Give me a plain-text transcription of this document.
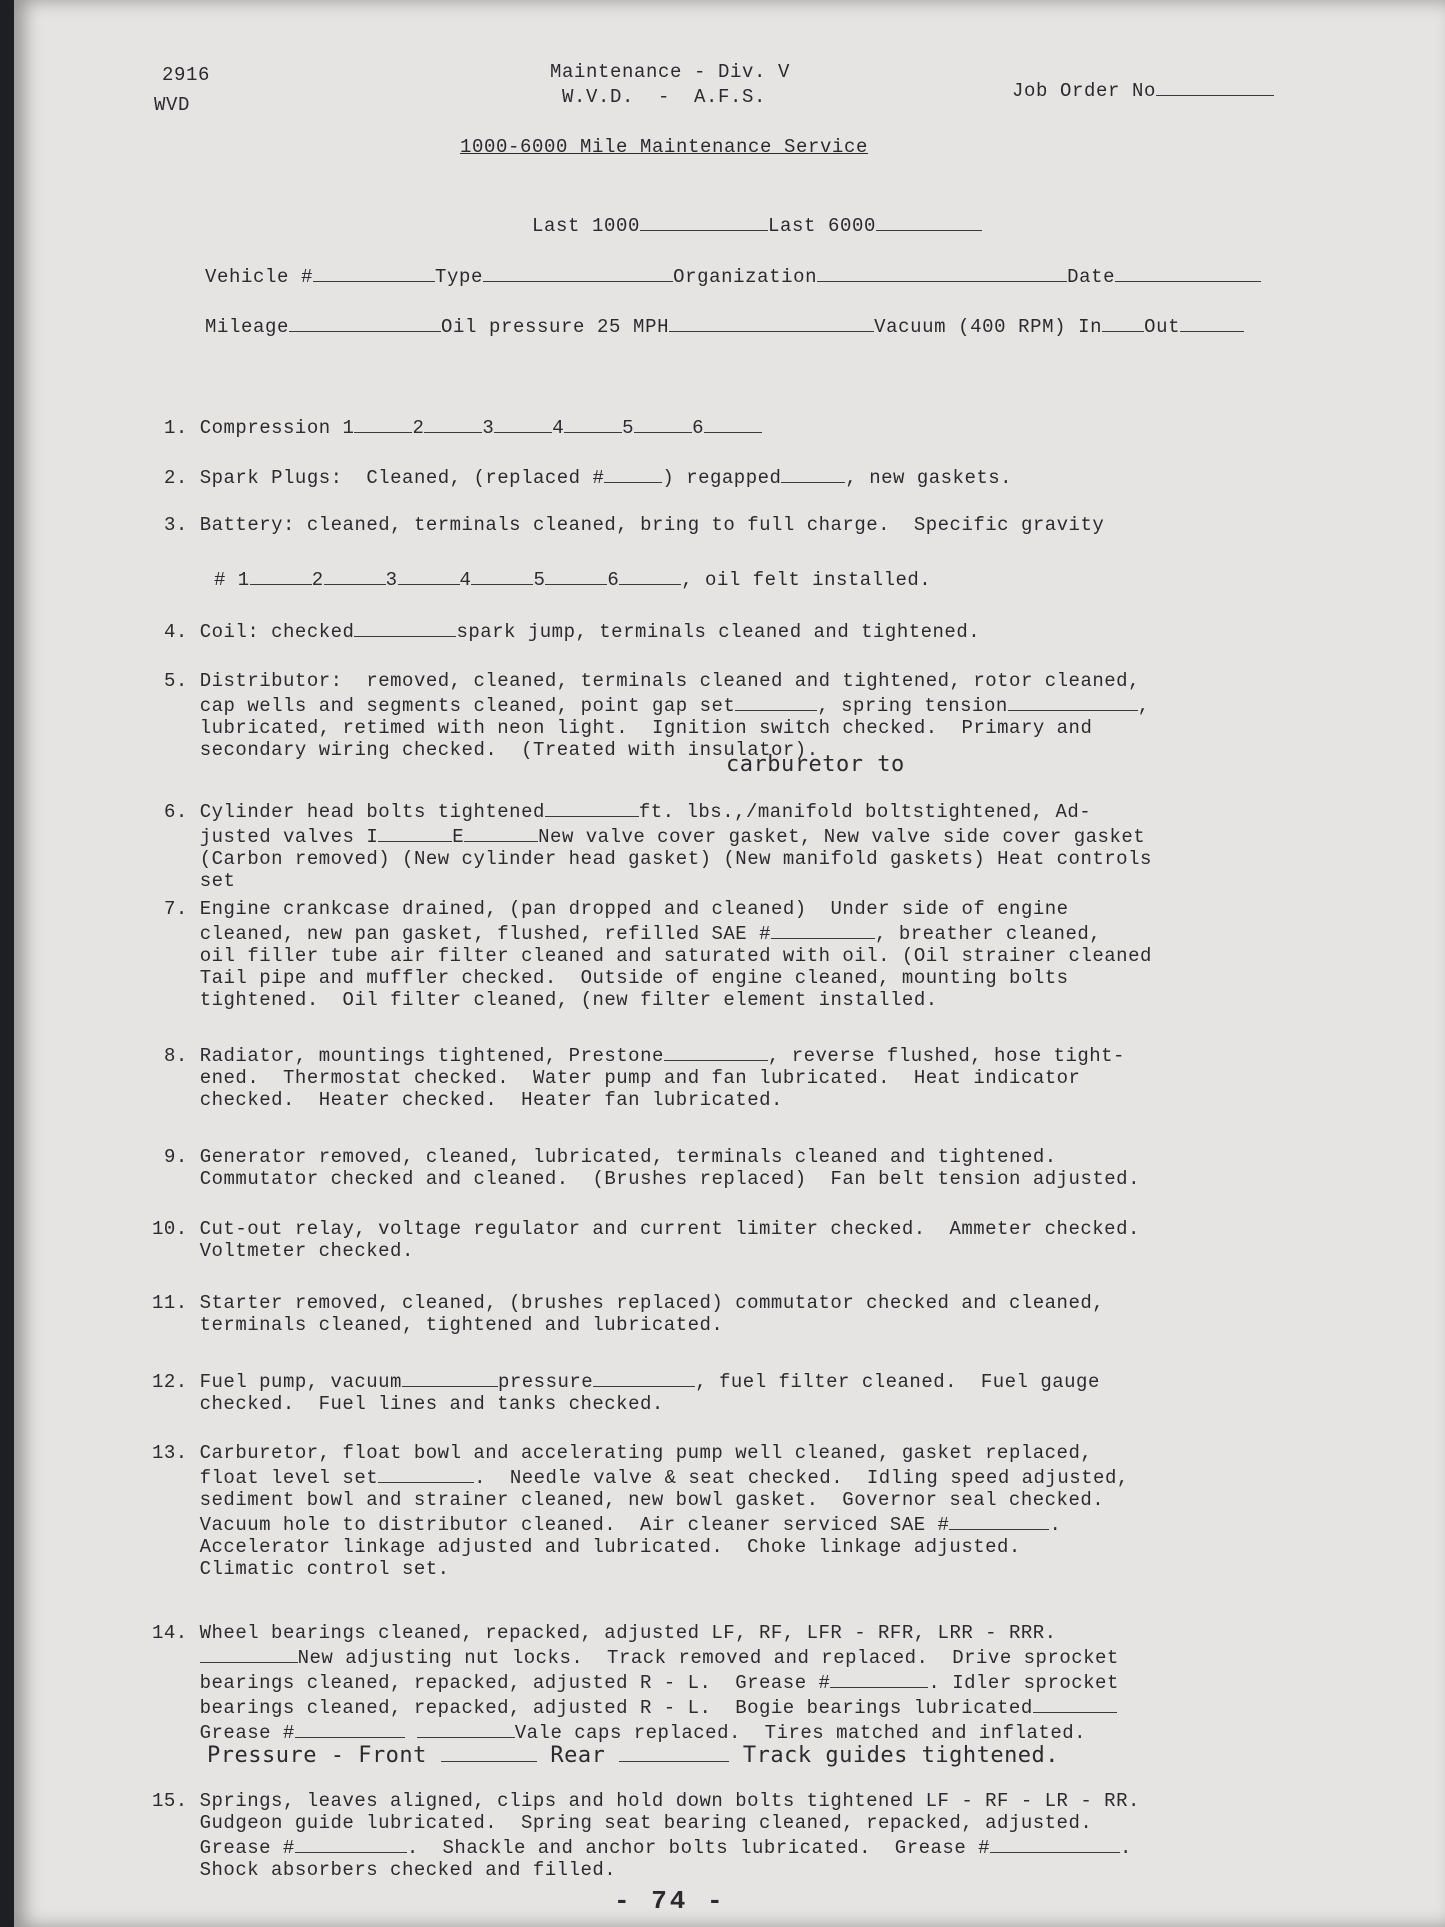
2916
WVD
Maintenance - Div. V
W.V.D.  -  A.F.S.	Job Order No

1000-6000 Mile Maintenance Service

Last 1000	Last 6000

Vehicle #	Type	Organization	Date

Mileage	Oil pressure 25 MPH	Vacuum (400 RPM) In Out

1. Compression 1	2	3	4	5	6

2. Spark Plugs:  Cleaned, (replaced #	) regapped	, new gaskets.

3. Battery: cleaned, terminals cleaned, bring to full charge.  Specific gravity

# 1	2	3	4	5	6	, oil felt installed.

4. Coil: checked	spark jump, terminals cleaned and tightened.

5. Distributor:  removed, cleaned, terminals cleaned and tightened, rotor cleaned,
cap wells and segments cleaned, point gap set	, spring tension	,
lubricated, retimed with neon light.  Ignition switch checked.  Primary and
secondary wiring checked.  (Treated with insulator).
carburetor to

6. Cylinder head bolts tightened	ft. lbs.,/manifold boltstightened, Ad-
justed valves I	E	New valve cover gasket, New valve side cover gasket
(Carbon removed) (New cylinder head gasket) (New manifold gaskets) Heat controls
set

7. Engine crankcase drained, (pan dropped and cleaned)  Under side of engine
cleaned, new pan gasket, flushed, refilled SAE #	, breather cleaned,
oil filler tube air filter cleaned and saturated with oil. (Oil strainer cleaned
Tail pipe and muffler checked.  Outside of engine cleaned, mounting bolts
tightened.  Oil filter cleaned, (new filter element installed.

8. Radiator, mountings tightened, Prestone	, reverse flushed, hose tight-
ened.  Thermostat checked.  Water pump and fan lubricated.  Heat indicator
checked.  Heater checked.  Heater fan lubricated.

9. Generator removed, cleaned, lubricated, terminals cleaned and tightened.
Commutator checked and cleaned.  (Brushes replaced)  Fan belt tension adjusted.

10. Cut-out relay, voltage regulator and current limiter checked.  Ammeter checked.
Voltmeter checked.

11. Starter removed, cleaned, (brushes replaced) commutator checked and cleaned,
terminals cleaned, tightened and lubricated.

12. Fuel pump, vacuum	pressure	, fuel filter cleaned.  Fuel gauge
checked.  Fuel lines and tanks checked.

13. Carburetor, float bowl and accelerating pump well cleaned, gasket replaced,
float level set	.  Needle valve & seat checked.  Idling speed adjusted,
sediment bowl and strainer cleaned, new bowl gasket.  Governor seal checked.
Vacuum hole to distributor cleaned.  Air cleaner serviced SAE #	.
Accelerator linkage adjusted and lubricated.  Choke linkage adjusted.
Climatic control set.

14. Wheel bearings cleaned, repacked, adjusted LF, RF, LFR - RFR, LRR - RRR.
New adjusting nut locks.  Track removed and replaced.  Drive sprocket
bearings cleaned, repacked, adjusted R - L.  Grease #	. Idler sprocket
bearings cleaned, repacked, adjusted R - L.  Bogie bearings lubricated
Grease #	Vale caps replaced.  Tires matched and inflated.

Pressure - Front	Rear	Track guides tightened.

15. Springs, leaves aligned, clips and hold down bolts tightened LF - RF - LR - RR.
Gudgeon guide lubricated.  Spring seat bearing cleaned, repacked, adjusted.
Grease #	.  Shackle and anchor bolts lubricated.  Grease #	.
Shock absorbers checked and filled.
- 74 -
